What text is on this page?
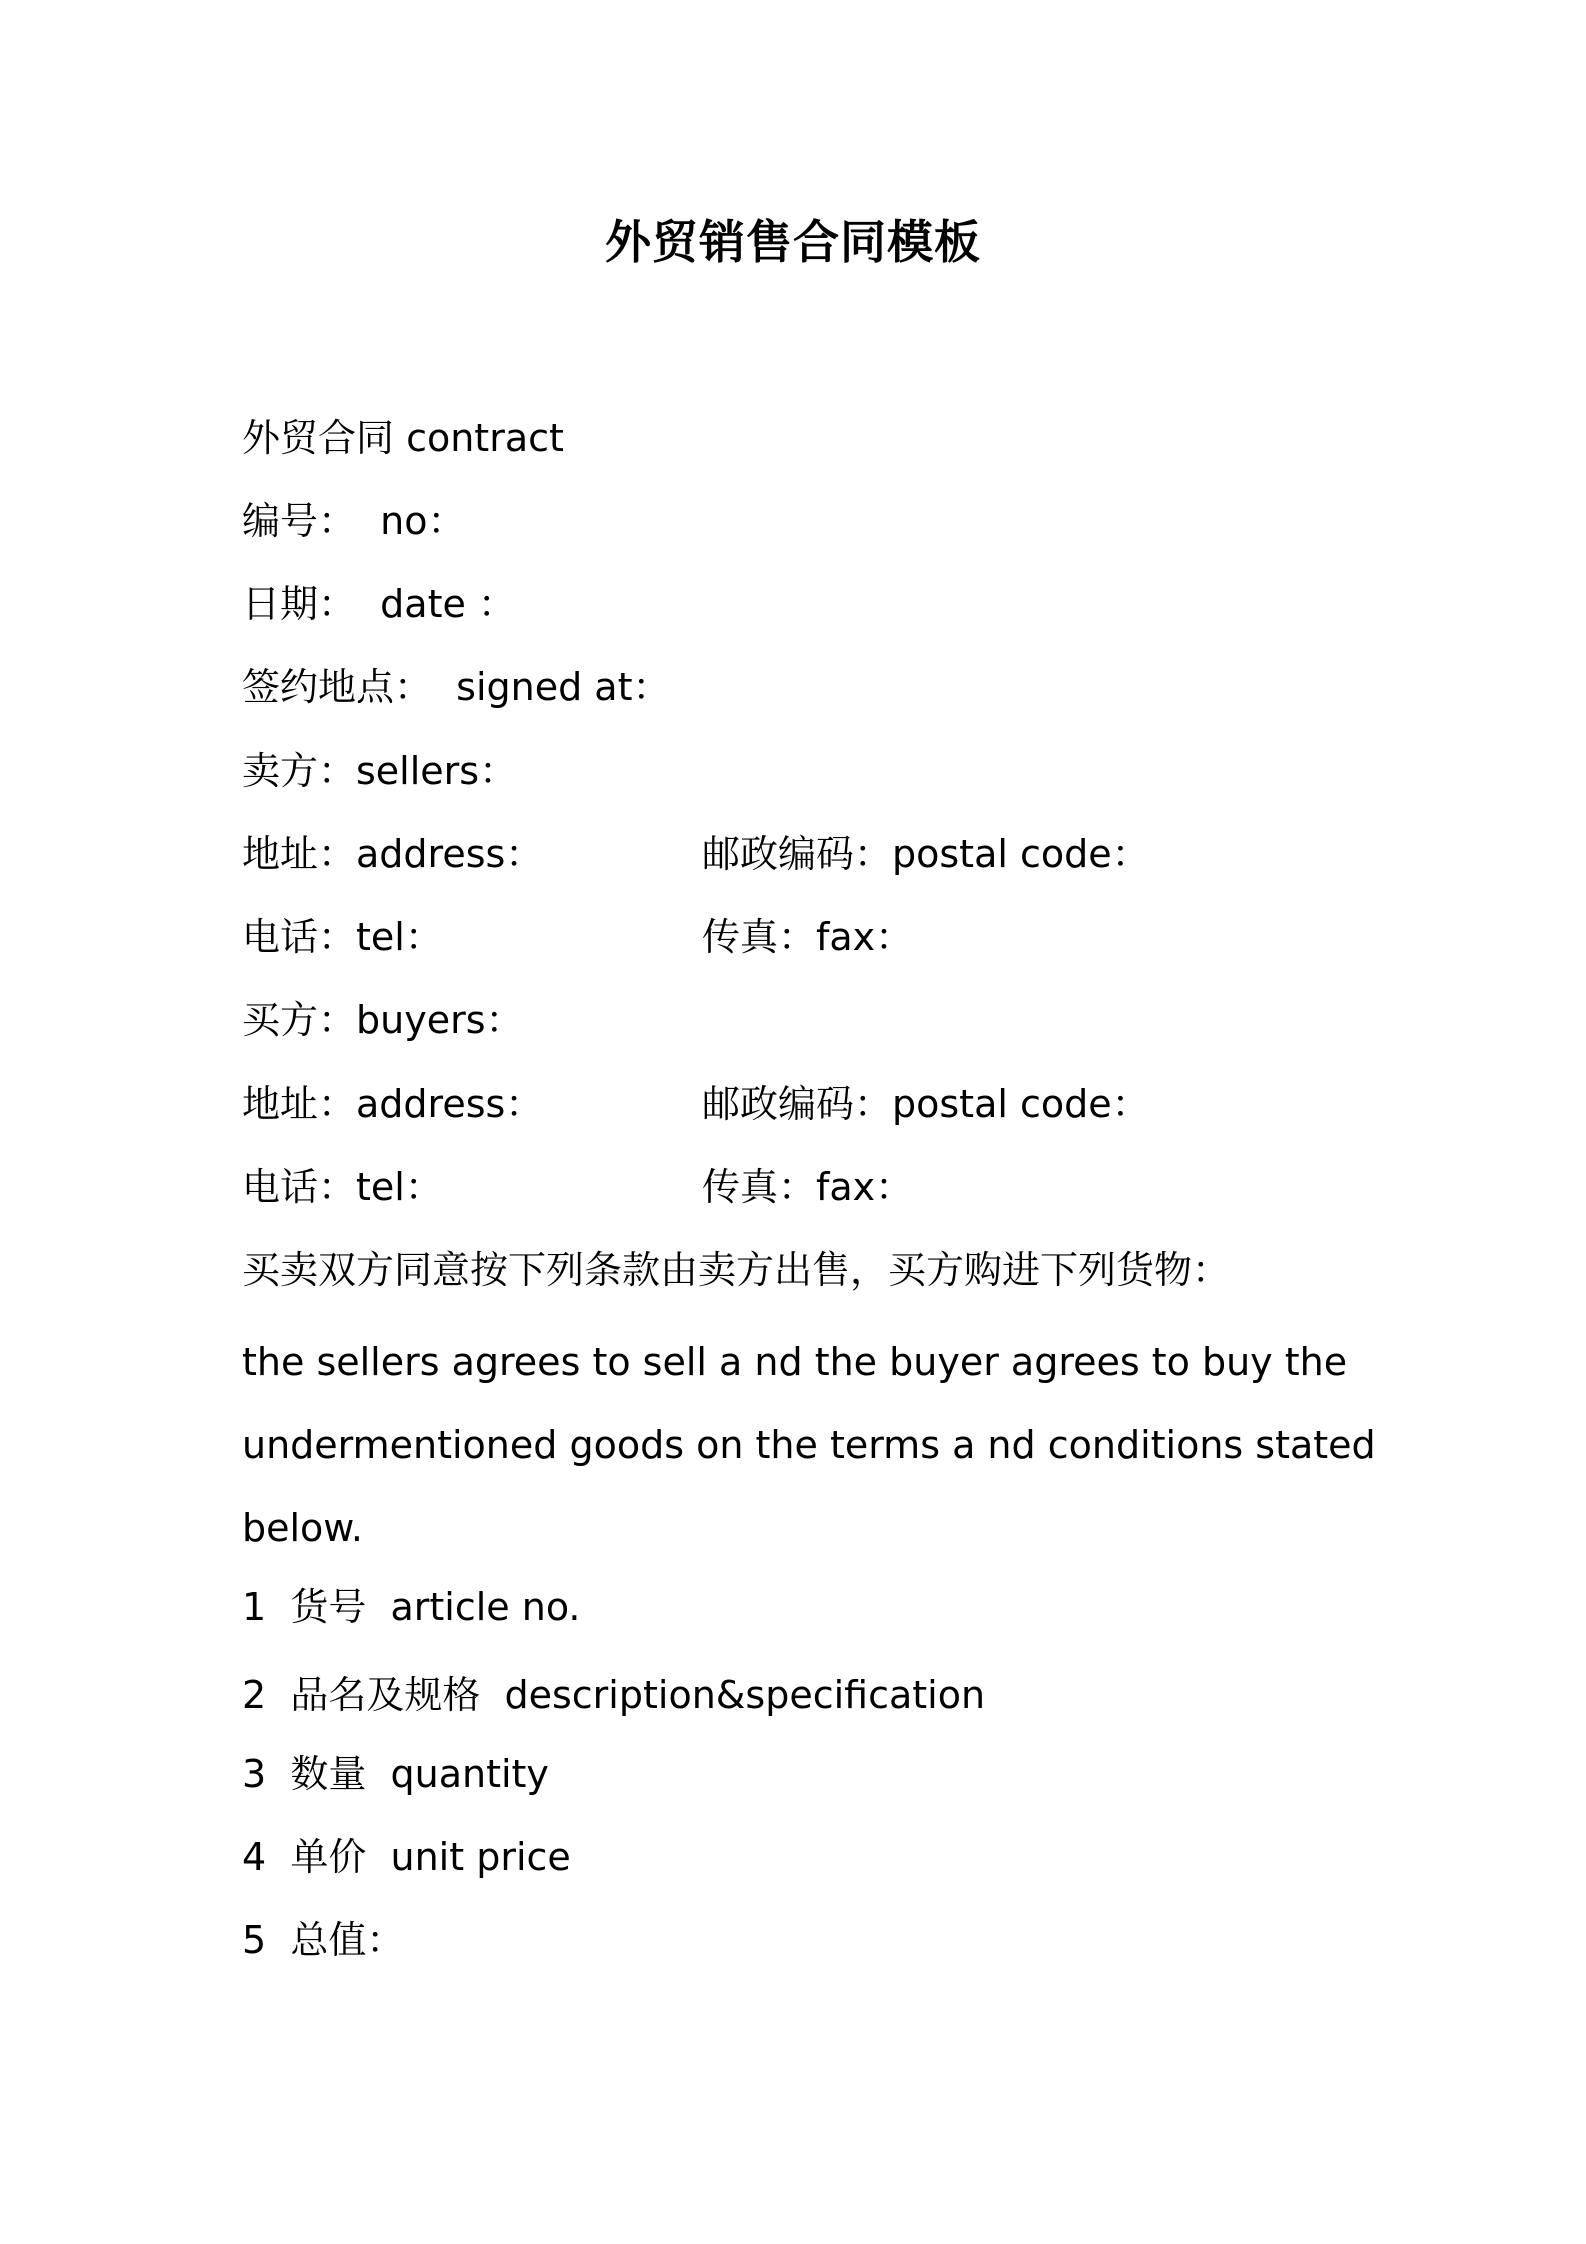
外贸销售合同模板
外贸合同 contract
编号：  no：
日期：  date ：
签约地点：  signed at：
卖方：sellers：
地址：address：	邮政编码：postal code：
电话：tel：	传真：fax：
买方：buyers：
地址：address：	邮政编码：postal code：
电话：tel：	传真：fax：
买卖双方同意按下列条款由卖方出售，买方购进下列货物：
the sellers agrees to sell a nd the buyer agrees to buy the
undermentioned goods on the terms a nd conditions stated
below.
1  货号  article no.
2  品名及规格  description&specification
3  数量  quantity
4  单价  unit price
5  总值：
